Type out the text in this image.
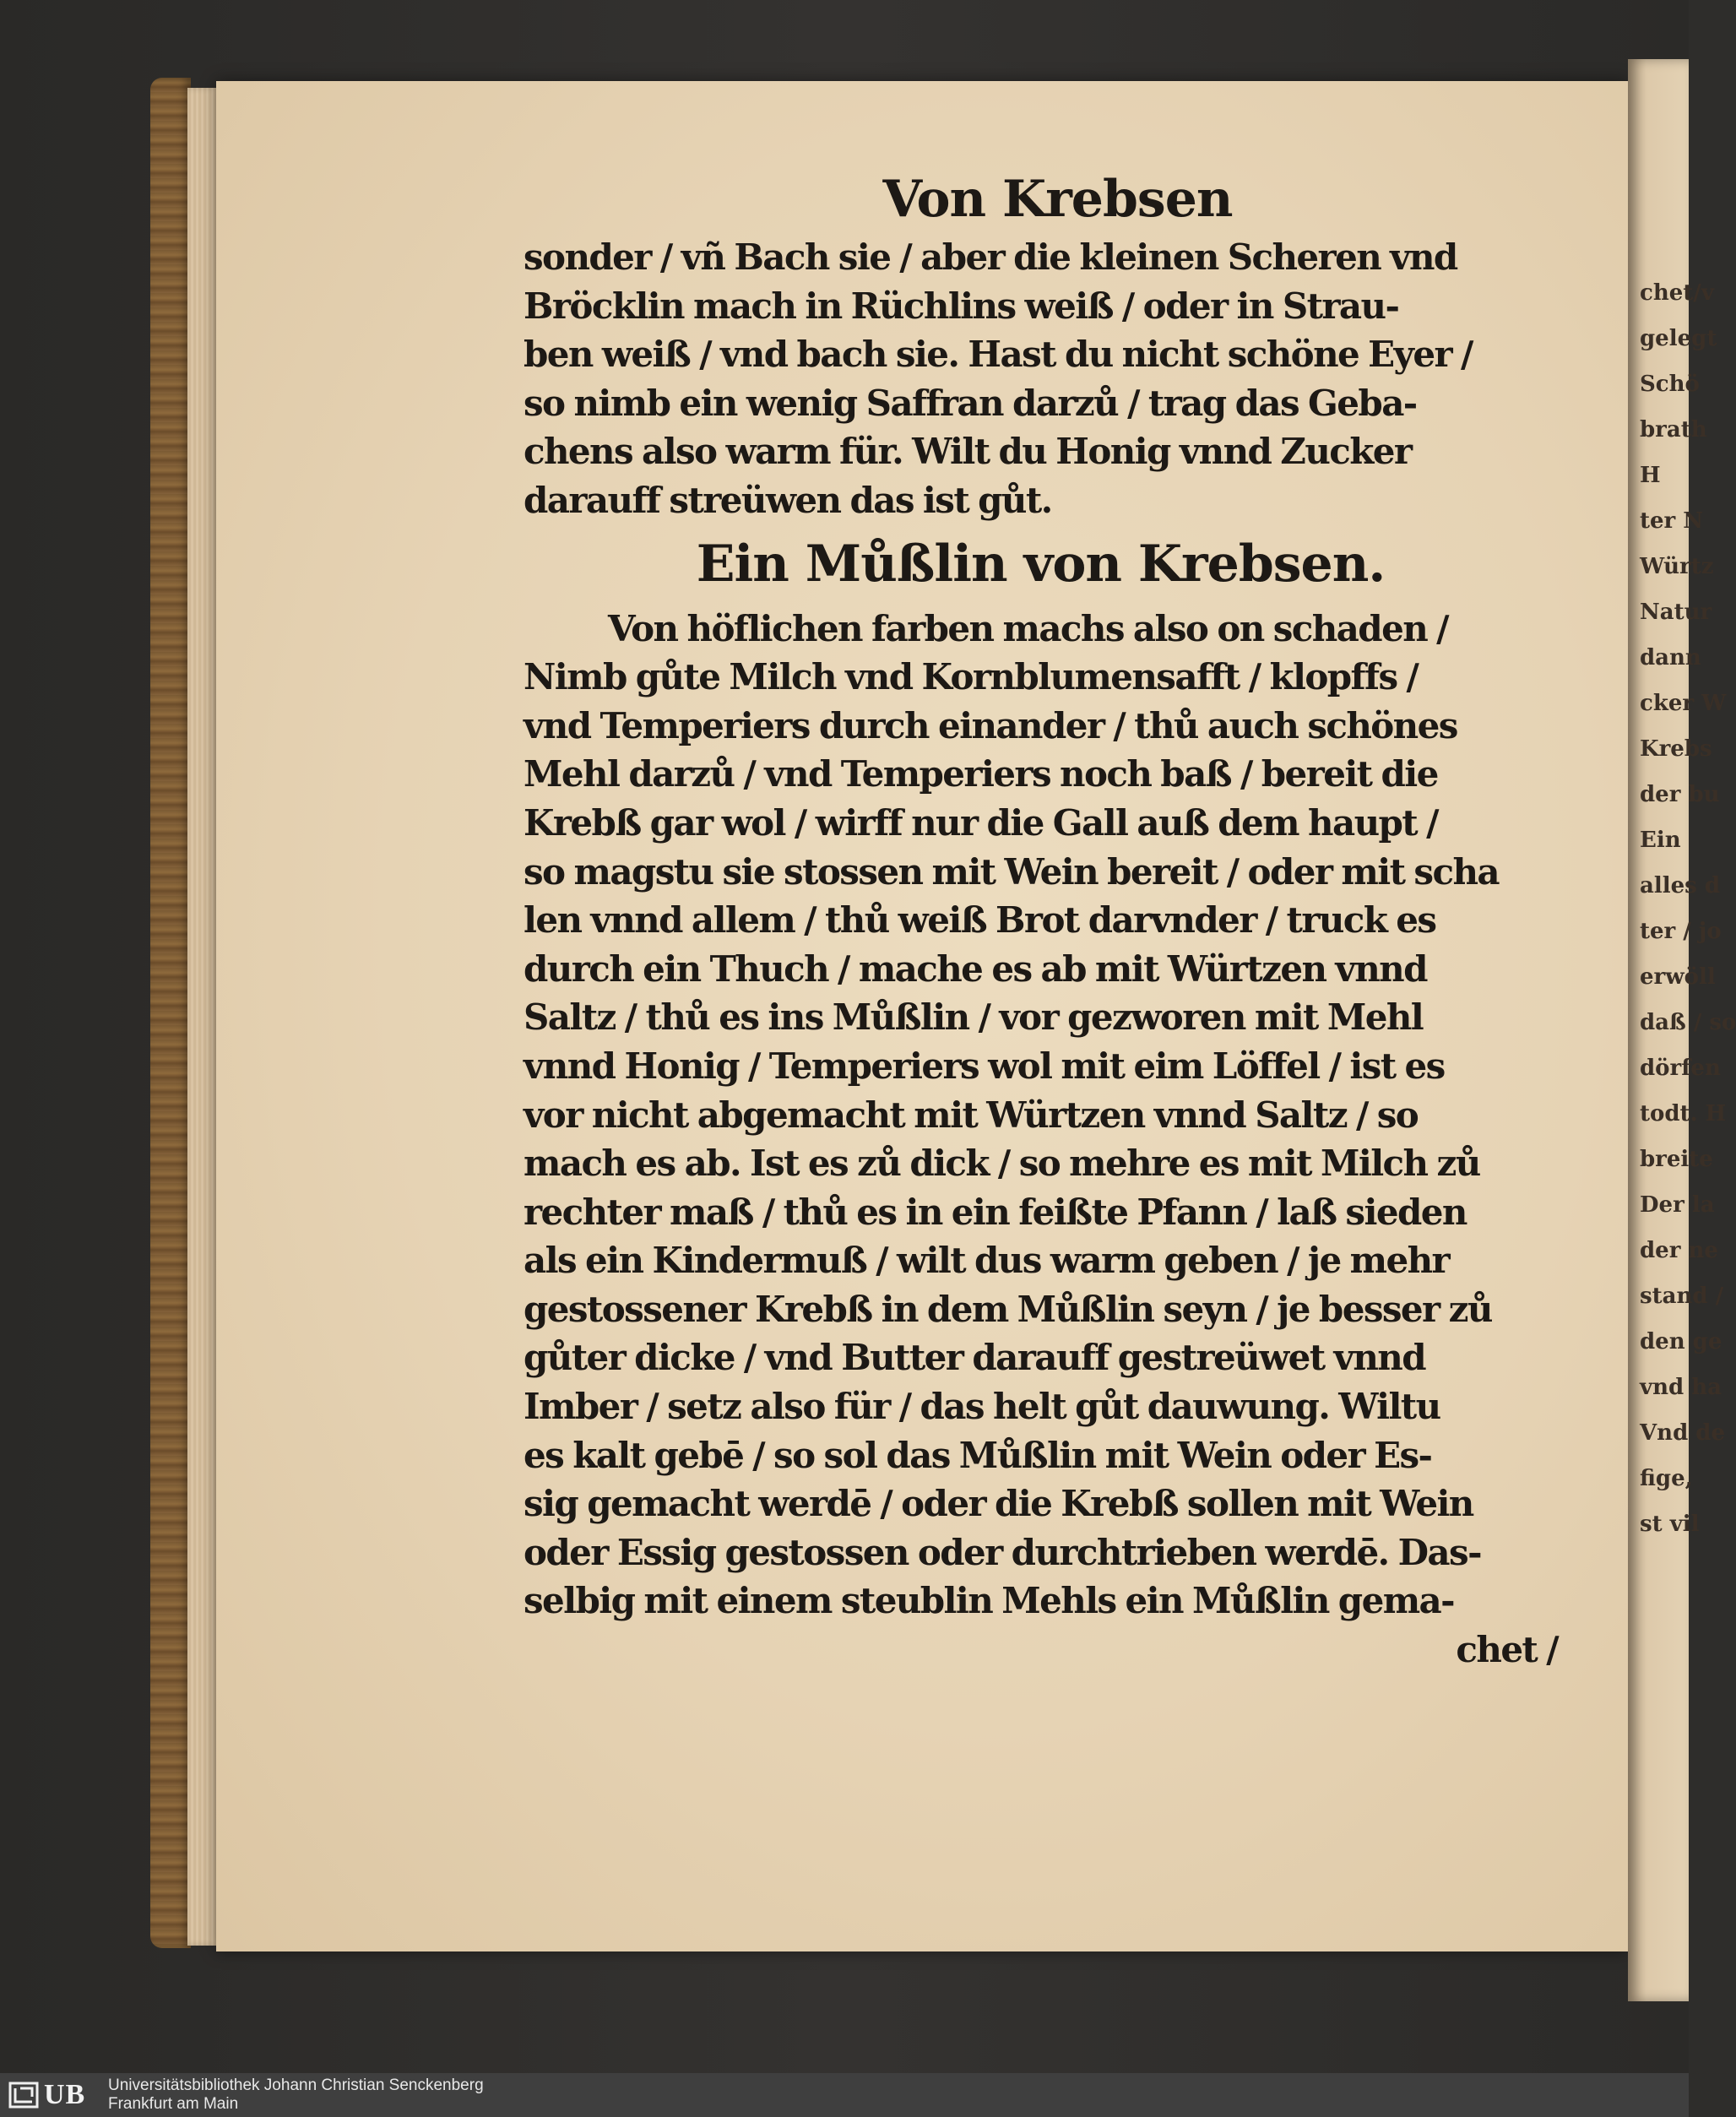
chet/v
gelegt
Schö
brath
H
ter N
Würtz
Natur
dann
cker W
Krebs
der bu
Ein
alles d
ter / jo
erwöll
daß / so
dörfen
todt. H
breite
Der la
der ne
stand /
den ge
vnd ha
Vnd de
fige,
st vil
Von Krebsen
sonder / vñ Bach sie / aber die kleinen Scheren vnd
Bröcklin mach in Rüchlins weiß / oder in Strau-
ben weiß / vnd bach sie. Hast du nicht schöne Eyer /
so nimb ein wenig Saffran darzů / trag das Geba-
chens also warm für. Wilt du Honig vnnd Zucker
darauff streüwen das ist gůt.
Ein Můßlin von Krebsen.
Von höflichen farben machs also on schaden /
Nimb gůte Milch vnd Kornblumensafft / klopffs /
vnd Temperiers durch einander / thů auch schönes
Mehl darzů / vnd Temperiers noch baß / bereit die
Krebß gar wol / wirff nur die Gall auß dem haupt /
so magstu sie stossen mit Wein bereit / oder mit scha
len vnnd allem / thů weiß Brot darvnder / truck es
durch ein Thuch / mache es ab mit Würtzen vnnd
Saltz / thů es ins Můßlin / vor gezworen mit Mehl
vnnd Honig / Temperiers wol mit eim Löffel / ist es
vor nicht abgemacht mit Würtzen vnnd Saltz / so
mach es ab. Ist es zů dick / so mehre es mit Milch zů
rechter maß / thů es in ein feißte Pfann / laß sieden
als ein Kindermuß / wilt dus warm geben / je mehr
gestossener Krebß in dem Můßlin seyn / je besser zů
gůter dicke / vnd Butter darauff gestreüwet vnnd
Imber / setz also für / das helt gůt dauwung. Wiltu
es kalt gebē / so sol das Můßlin mit Wein oder Es-
sig gemacht werdē / oder die Krebß sollen mit Wein
oder Essig gestossen oder durchtrieben werdē. Das-
selbig mit einem steublin Mehls ein Můßlin gema-
chet /
UB Universitätsbibliothek Johann Christian Senckenberg
Frankfurt am Main
